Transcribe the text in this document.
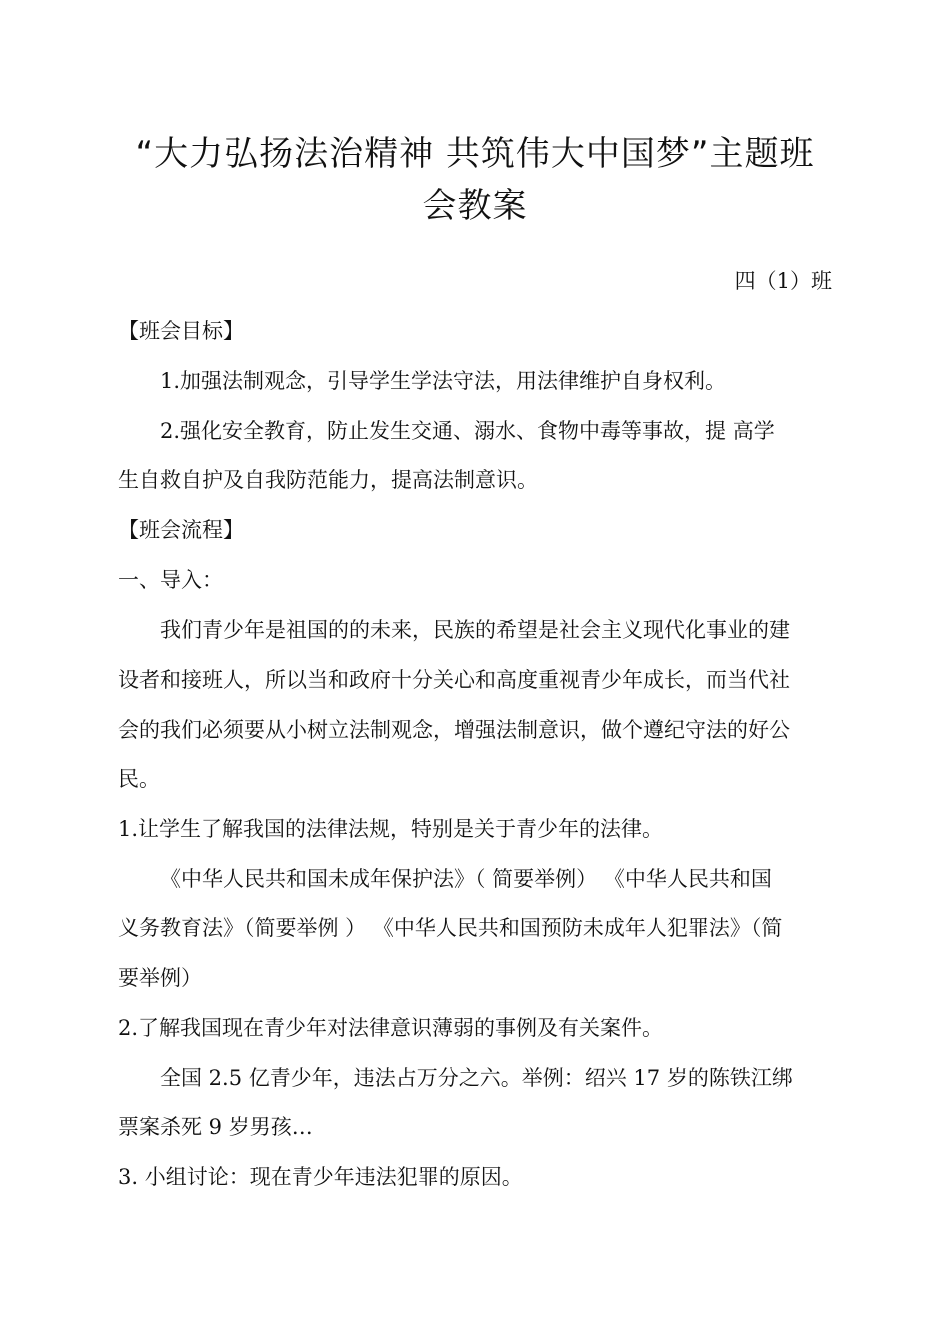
“大力弘扬法治精神 共筑伟大中国梦”主题班
会教案
四（1）班
【班会目标】
1.加强法制观念，引导学生学法守法，用法律维护自身权利。
2.强化安全教育，防止发生交通、溺水、食物中毒等事故，提 高学
生自救自护及自我防范能力，提高法制意识。
【班会流程】
一、导入：
我们青少年是祖国的的未来，民族的希望是社会主义现代化事业的建
设者和接班人，所以当和政府十分关心和高度重视青少年成长，而当代社
会的我们必须要从小树立法制观念，增强法制意识，做个遵纪守法的好公
民。
1.让学生了解我国的法律法规，特别是关于青少年的法律。
《中华人民共和国未成年保护法》（ 简要举例） 《中华人民共和国
义务教育法》（简要举例 ） 《中华人民共和国预防未成年人犯罪法》（简
要举例）
2.了解我国现在青少年对法律意识薄弱的事例及有关案件。
全国 2.5 亿青少年，违法占万分之六。举例：绍兴 17 岁的陈铁江绑
票案杀死 9 岁男孩…
3. 小组讨论：现在青少年违法犯罪的原因。
